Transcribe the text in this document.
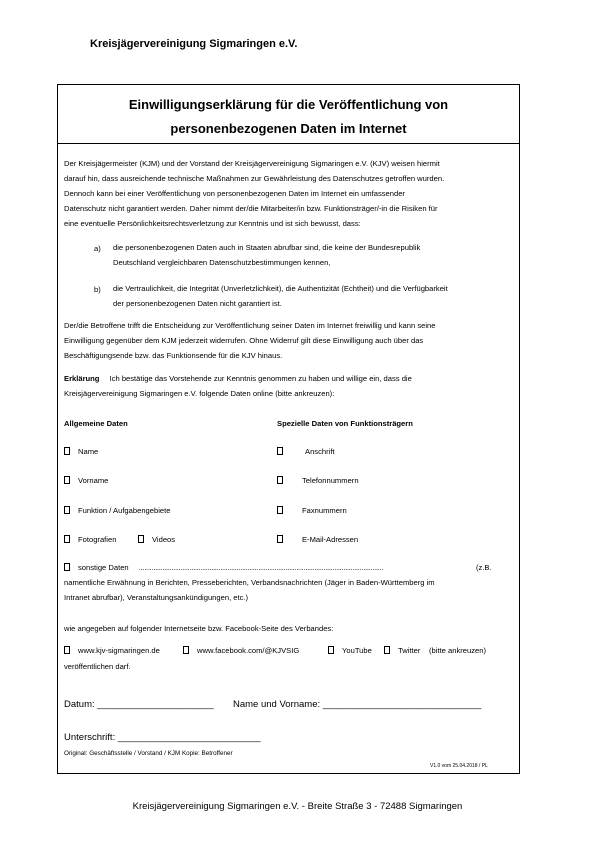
Kreisjägervereinigung Sigmaringen e.V.
Einwilligungserklärung für die Veröffentlichung von
personenbezogenen Daten im Internet
Der Kreisjägermeister (KJM) und der Vorstand der Kreisjägervereinigung Sigmaringen e.V. (KJV) weisen hiermit
darauf hin, dass ausreichende technische Maßnahmen zur Gewährleistung des Datenschutzes getroffen wurden.
Dennoch kann bei einer Veröffentlichung von personenbezogenen Daten im Internet ein umfassender
Datenschutz nicht garantiert werden. Daher nimmt der/die Mitarbeiter/in bzw. Funktionsträger/-in die Risiken für
eine eventuelle Persönlichkeitsrechtsverletzung zur Kenntnis und ist sich bewusst, dass:
a) die personenbezogenen Daten auch in Staaten abrufbar sind, die keine der Bundesrepublik
Deutschland vergleichbaren Datenschutzbestimmungen kennen,
b) die Vertraulichkeit, die Integrität (Unverletzlichkeit), die Authentizität (Echtheit) und die Verfügbarkeit
der personenbezogenen Daten nicht garantiert ist.
Der/die Betroffene trifft die Entscheidung zur Veröffentlichung seiner Daten im Internet freiwillig und kann seine
Einwilligung gegenüber dem KJM jederzeit widerrufen. Ohne Widerruf gilt diese Einwilligung auch über das
Beschäftigungsende bzw. das Funktionsende für die KJV hinaus.
Erklärung Ich bestätige das Vorstehende zur Kenntnis genommen zu haben und willige ein, dass die
Kreisjägervereinigung Sigmaringen e.V. folgende Daten online (bitte ankreuzen):
Allgemeine Daten	Spezielle Daten von Funktionsträgern
Name	Anschrift
Vorname	Telefonnummern
Funktion / Aufgabengebiete	Faxnummern
Fotografien	Videos	E-Mail-Adressen
sonstige Daten .......................................................................................................................................	(z.B.
namentliche Erwähnung in Berichten, Presseberichten, Verbandsnachrichten (Jäger in Baden-Württemberg im
Intranet abrufbar), Veranstaltungsankündigungen, etc.)
wie angegeben auf folgender Internetseite bzw. Facebook-Seite des Verbandes:
www.kjv-sigmaringen.de	www.facebook.com/@KJVSIG	YouTube	Twitter (bitte ankreuzen)
veröffentlichen darf.
Datum: ______________________ Name und Vorname: ______________________________
Unterschrift: ___________________________
Original: Geschäftsstelle / Vorstand / KJM Kopie: Betroffener
V1.0 vom 25.04.2018 / PL
Kreisjägervereinigung Sigmaringen e.V. - Breite Straße 3 - 72488 Sigmaringen
